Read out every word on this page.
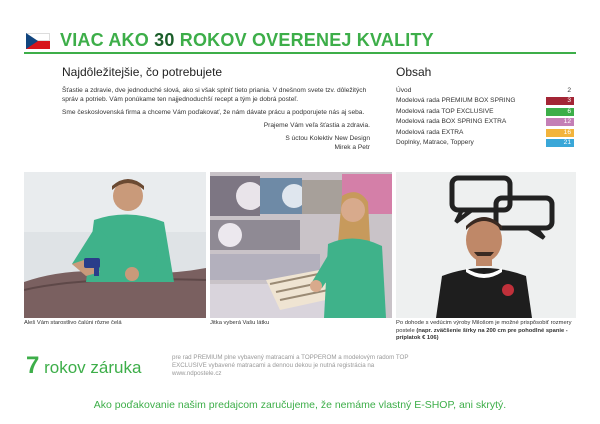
VIAC AKO 30 ROKOV OVERENEJ KVALITY
Najdôležitejšie, čo potrebujete	Obsah

Šťastie a zdravie, dve jednoduché slová, ako si však splniť tieto priania. V dnešnom svete tzv. dôležitých správ a potrieb. Vám ponúkame ten najjednoduchší recept a tým je dobrá posteľ.

Sme československá firma a chceme Vám poďakovať, že nám dávate prácu a podporujete nás aj seba.

Prajeme Vám veľa šťastia a zdravia.

S úctou Kolektiv New Design

Mirek a Petr

Úvod	2
Modelová rada PREMIUM BOX SPRING	3
Modelová rada TOP EXCLUSIVE	6
Modelová rada BOX SPRING EXTRA	12
Modelová rada EXTRA	16
Doplnky, Matrace, Toppery	21
Aleš Vám starostlivo čalúni rôzne čelá	Jitka vyberá Vašu látku	Po dohode s vedúcim výroby Milošom je možné prispôsobiť rozmery postele (napr. zväčšenie šírky na 200 cm pre pohodlné spanie - príplatok € 106)
7 rokov záruka
pre rad PREMIUM plne vybavený matracami a TOPPEROM a modelovým radom TOP EXCLUSIVE vybavené matracami a dennou dekou je nutná registrácia na www.ndpostele.cz
Ako poďakovanie našim predajcom zaručujeme, že nemáme vlastný E-SHOP, ani skrytý.
